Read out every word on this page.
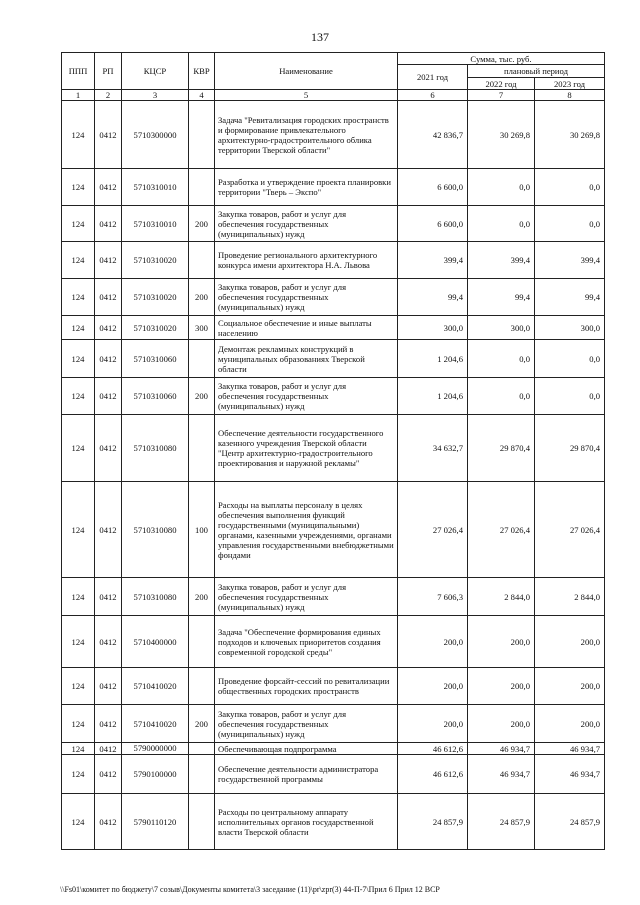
137
ППП	РП	КЦСР	КВР	Наименование	Сумма, тыс. руб.		
					2021 год	плановый период	
						2022 год	2023 год
1	2	3	4	5	6	7	8
124	0412	5710300000		Задача "Ревитализация городских пространств и формирование привлекательного архитектурно-градостроительного облика территории Тверской области"	42 836,7	30 269,8	30 269,8
124	0412	5710310010		Разработка и утверждение проекта планировки территории "Тверь – Экспо"	6 600,0	0,0	0,0
124	0412	5710310010	200	Закупка товаров, работ и услуг для обеспечения государственных (муниципальных) нужд	6 600,0	0,0	0,0
124	0412	5710310020		Проведение регионального архитектурного конкурса имени архитектора Н.А. Львова	399,4	399,4	399,4
124	0412	5710310020	200	Закупка товаров, работ и услуг для обеспечения государственных (муниципальных) нужд	99,4	99,4	99,4
124	0412	5710310020	300	Социальное обеспечение и иные выплаты населению	300,0	300,0	300,0
124	0412	5710310060		Демонтаж рекламных конструкций в муниципальных образованиях Тверской области	1 204,6	0,0	0,0
124	0412	5710310060	200	Закупка товаров, работ и услуг для обеспечения государственных (муниципальных) нужд	1 204,6	0,0	0,0
124	0412	5710310080		Обеспечение деятельности государственного казенного учреждения Тверской области "Центр архитектурно-градостроительного проектирования и наружной рекламы"	34 632,7	29 870,4	29 870,4
124	0412	5710310080	100	Расходы на выплаты персоналу в целях обеспечения выполнения функций государственными (муниципальными) органами, казенными учреждениями, органами управления государственными внебюджетными фондами	27 026,4	27 026,4	27 026,4
124	0412	5710310080	200	Закупка товаров, работ и услуг для обеспечения государственных (муниципальных) нужд	7 606,3	2 844,0	2 844,0
124	0412	5710400000		Задача "Обеспечение формирования единых подходов и ключевых приоритетов создания современной городской среды"	200,0	200,0	200,0
124	0412	5710410020		Проведение форсайт-сессий по ревитализации общественных городских пространств	200,0	200,0	200,0
124	0412	5710410020	200	Закупка товаров, работ и услуг для обеспечения государственных (муниципальных) нужд	200,0	200,0	200,0
124	0412	5790000000		Обеспечивающая подпрограмма	46 612,6	46 934,7	46 934,7
124	0412	5790100000		Обеспечение деятельности администратора государственной программы	46 612,6	46 934,7	46 934,7
124	0412	5790110120		Расходы по центральному аппарату исполнительных органов государственной власти Тверской области	24 857,9	24 857,9	24 857,9
\\Fs01\комитет по бюджету\7 созыв\Документы комитета\3 заседание (11)\pr\zpr(3) 44-П-7\Прил 6 Прил 12 ВСР
